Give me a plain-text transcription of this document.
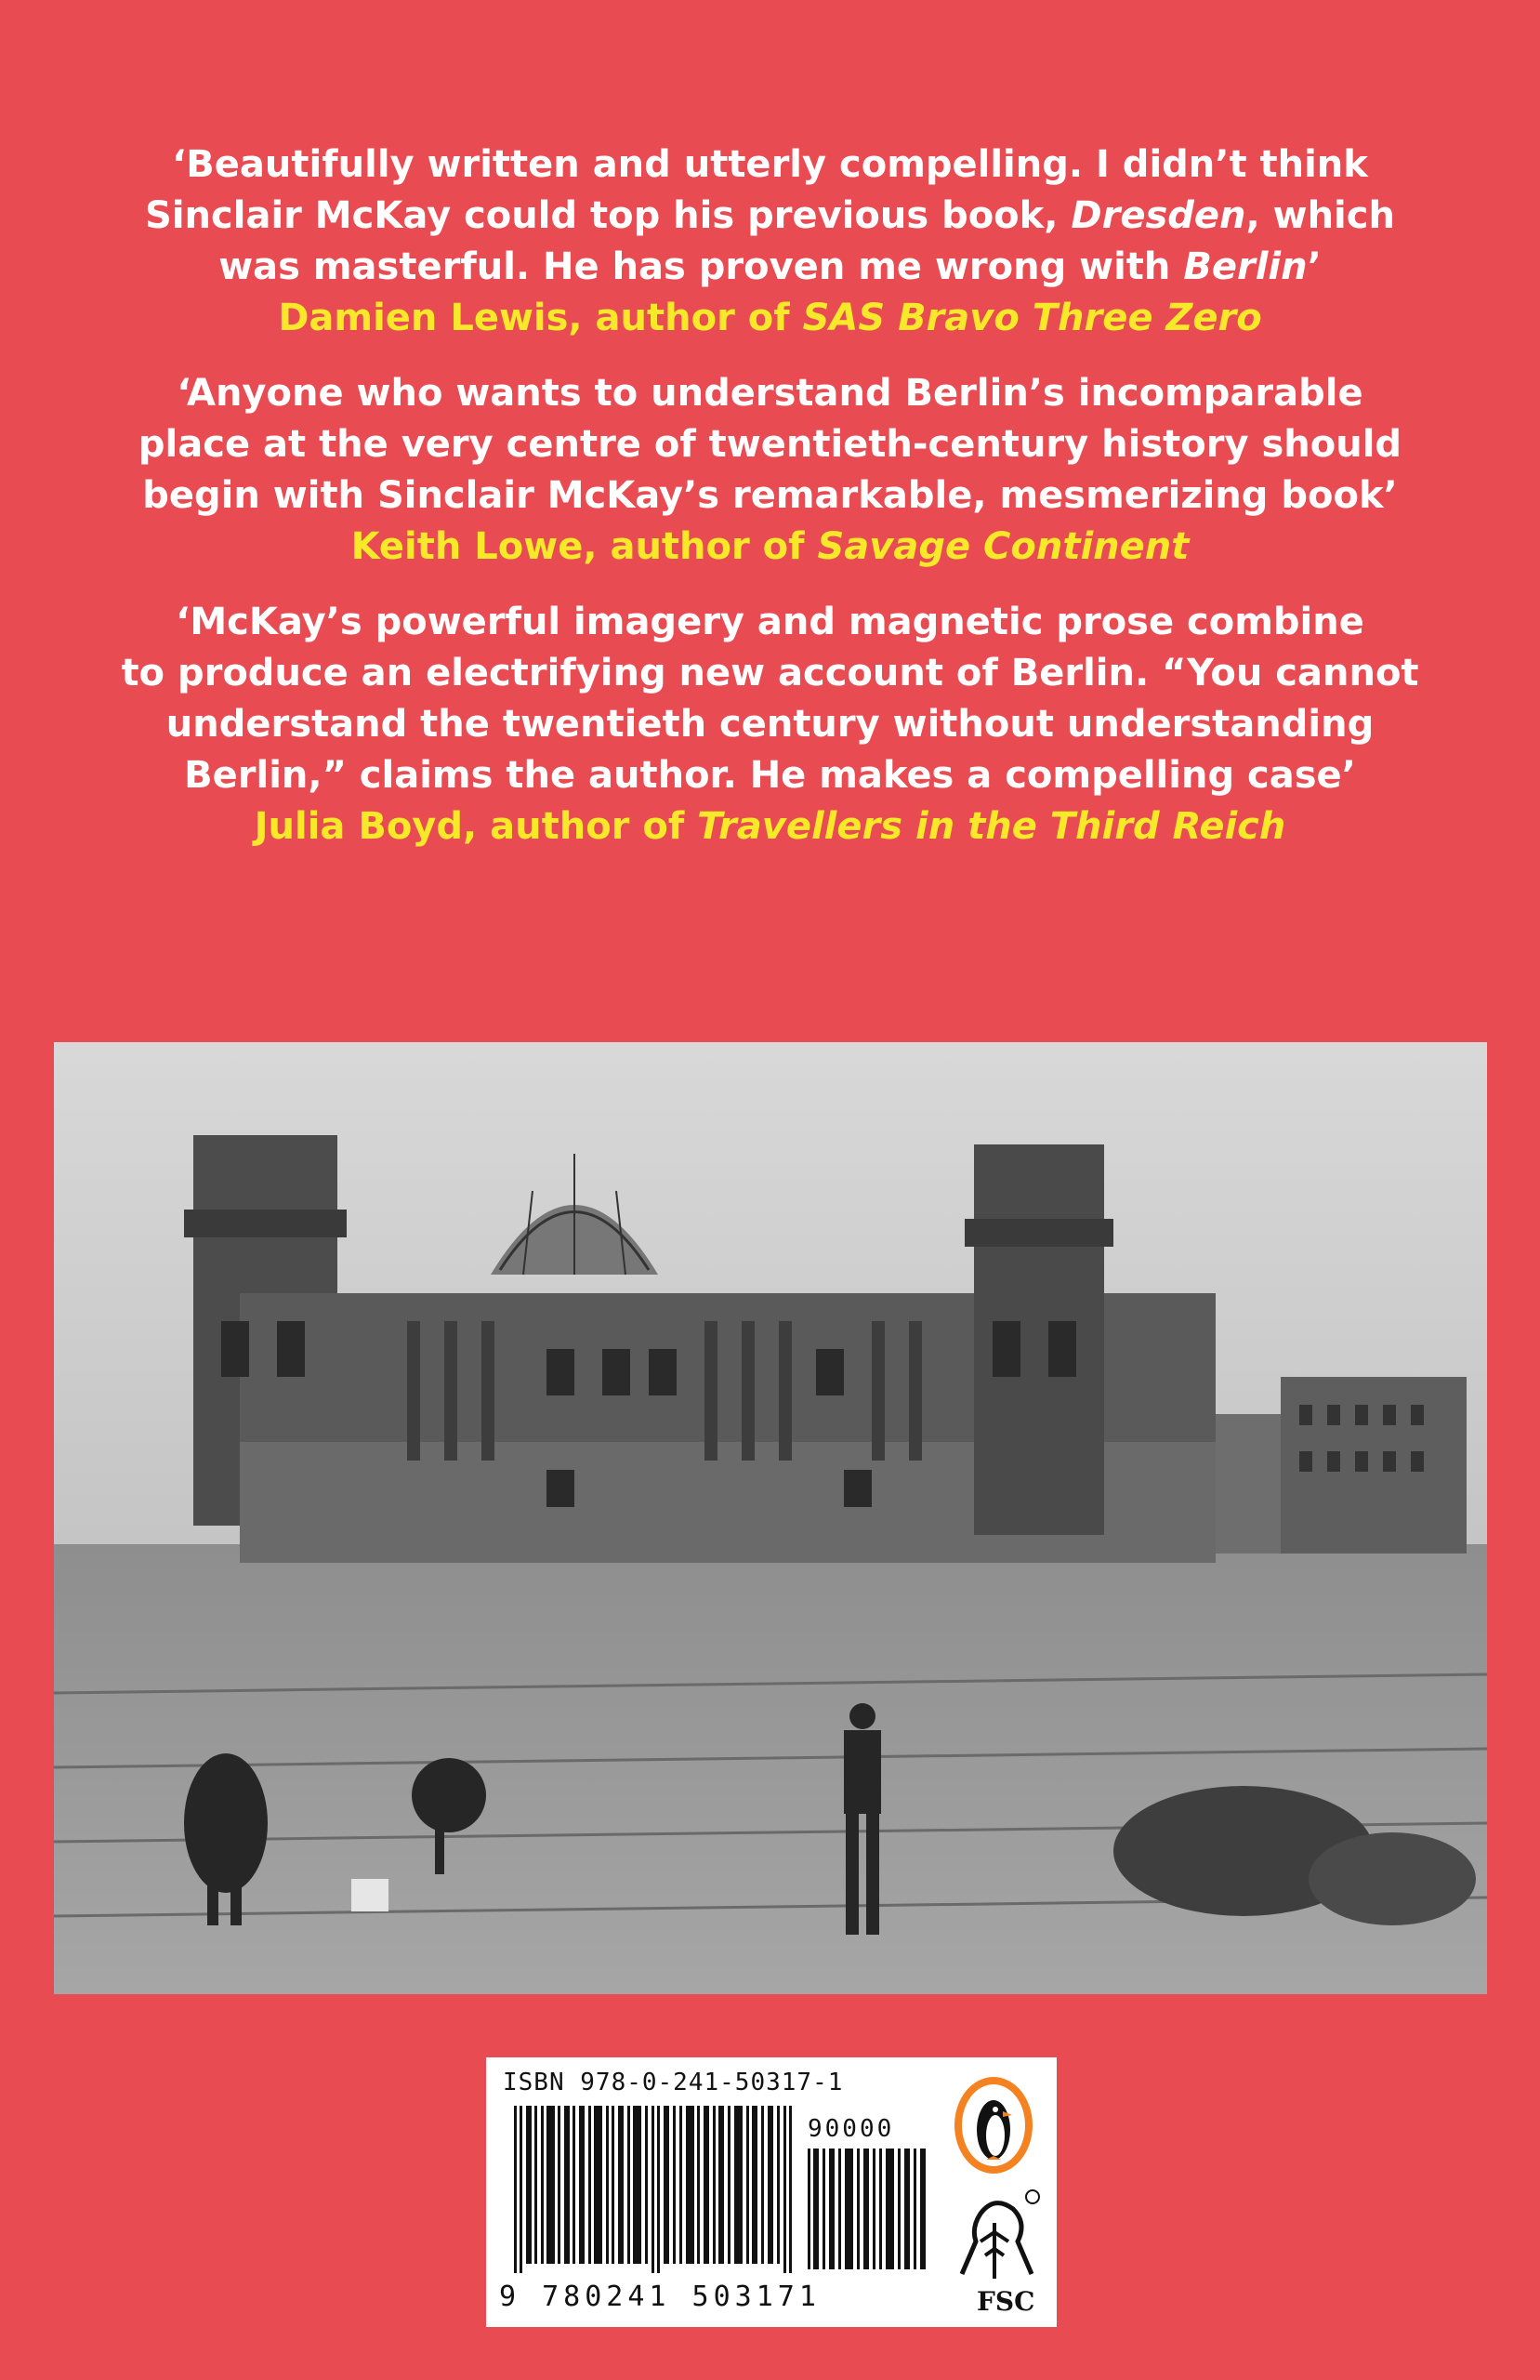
‘Beautifully written and utterly compelling. I didn’t think
Sinclair McKay could top his previous book, Dresden, which
was masterful. He has proven me wrong with Berlin’

Damien Lewis, author of SAS Bravo Three Zero

‘Anyone who wants to understand Berlin’s incomparable
place at the very centre of twentieth-century history should
begin with Sinclair McKay’s remarkable, mesmerizing book’

Keith Lowe, author of Savage Continent

‘McKay’s powerful imagery and magnetic prose combine
to produce an electrifying new account of Berlin. “You cannot
understand the twentieth century without understanding
Berlin,” claims the author. He makes a compelling case’

Julia Boyd, author of Travellers in the Third Reich

ISBN 978-0-241-50317-1
90000
9 780241 503171	FSC
